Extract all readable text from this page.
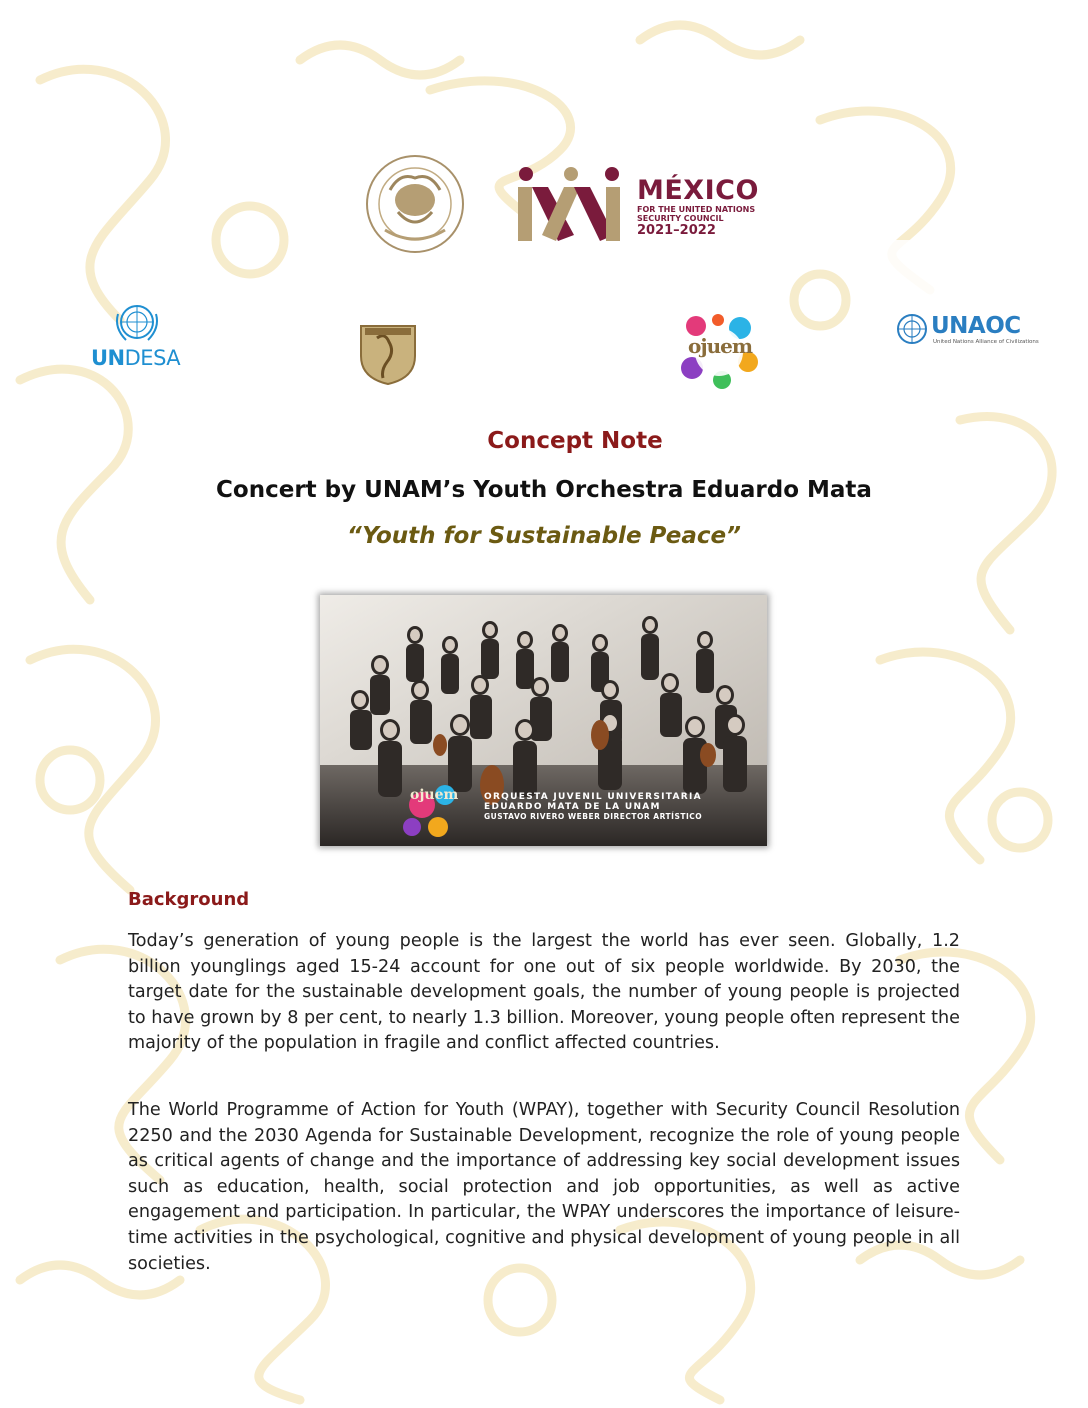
MÉXICO
FOR THE UNITED NATIONS
SECURITY COUNCIL
2021–2022
UNDESA	ojuem
UNAOC
United Nations Alliance of Civilizations
Concept Note
Concert by UNAM’s Youth Orchestra Eduardo Mata
“Youth for Sustainable Peace”
ojuem	ORQUESTA JUVENIL UNIVERSITARIA
EDUARDO MATA DE LA UNAM
GUSTAVO RIVERO WEBER DIRECTOR ARTÍSTICO
Background

Today’s generation of young people is the largest the world has ever seen. Globally, 1.2 billion younglings aged 15-24 account for one out of six people worldwide. By 2030, the target date for the sustainable development goals, the number of young people is projected to have grown by 8 per cent, to nearly 1.3 billion. Moreover, young people often represent the majority of the population in fragile and conflict affected countries.

The World Programme of Action for Youth (WPAY), together with Security Council Resolution 2250 and the 2030 Agenda for Sustainable Development, recognize the role of young people as critical agents of change and the importance of addressing key social development issues such as education, health, social protection and job opportunities, as well as active engagement and participation. In particular, the WPAY underscores the importance of leisure-time activities in the psychological, cognitive and physical development of young people in all societies.
